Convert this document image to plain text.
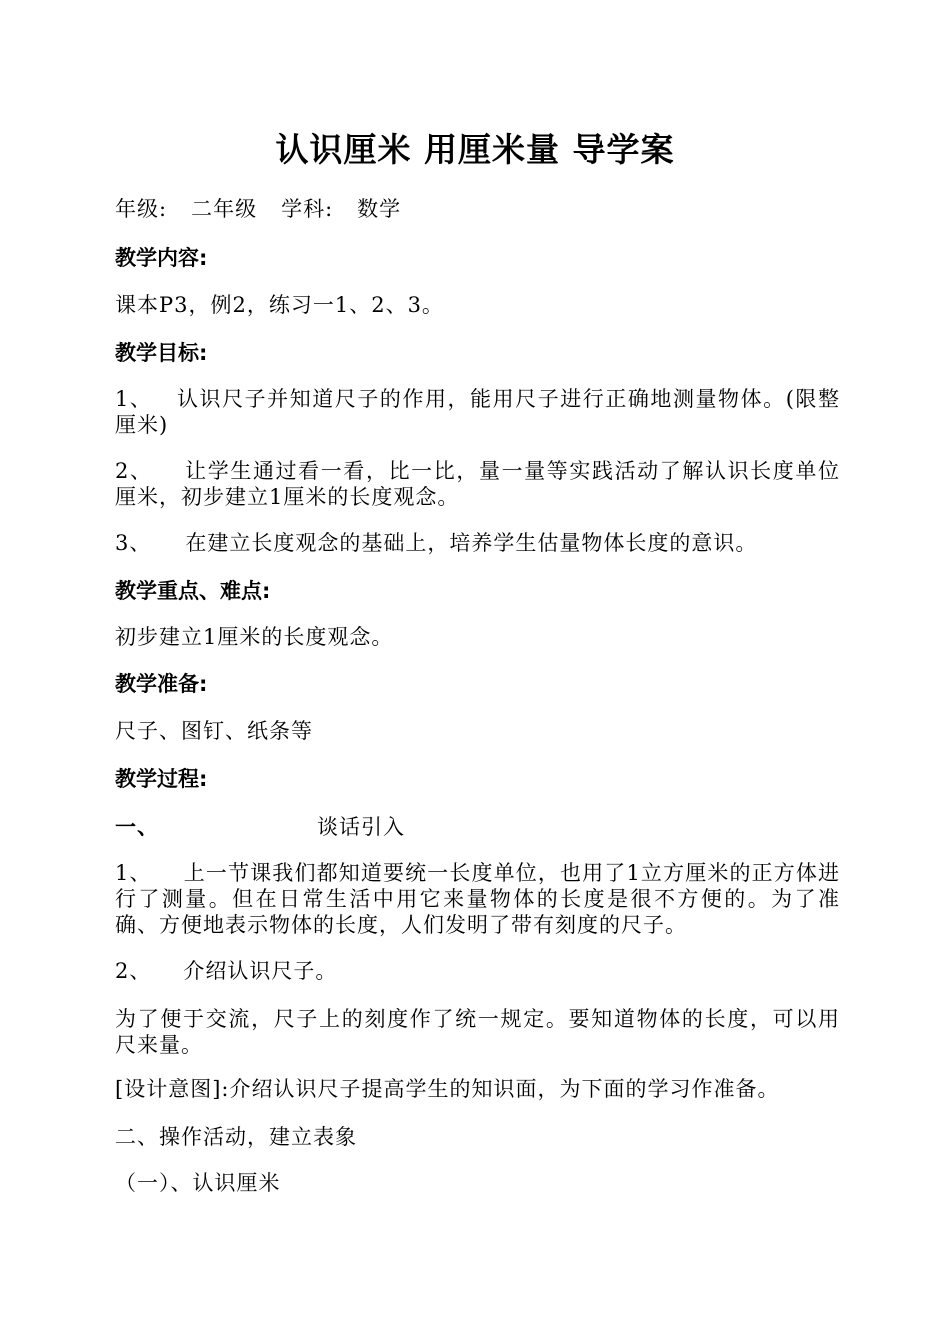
认识厘米 用厘米量 导学案
年级: 二年级 学科: 数学
教学内容:
课本P3，例2，练习一1、2、3。
教学目标:
1、 认识尺子并知道尺子的作用，能用尺子进行正确地测量物体。(限整厘米)
2、 让学生通过看一看，比一比，量一量等实践活动了解认识长度单位厘米，初步建立1厘米的长度观念。
3、 在建立长度观念的基础上，培养学生估量物体长度的意识。
教学重点、难点:
初步建立1厘米的长度观念。
教学准备:
尺子、图钉、纸条等
教学过程:
一、	谈话引入
1、 上一节课我们都知道要统一长度单位，也用了1立方厘米的正方体进行了测量。但在日常生活中用它来量物体的长度是很不方便的。为了准确、方便地表示物体的长度，人们发明了带有刻度的尺子。
2、 介绍认识尺子。
为了便于交流，尺子上的刻度作了统一规定。要知道物体的长度，可以用尺来量。
[设计意图]:介绍认识尺子提高学生的知识面，为下面的学习作准备。
二、操作活动，建立表象
（一）、认识厘米
